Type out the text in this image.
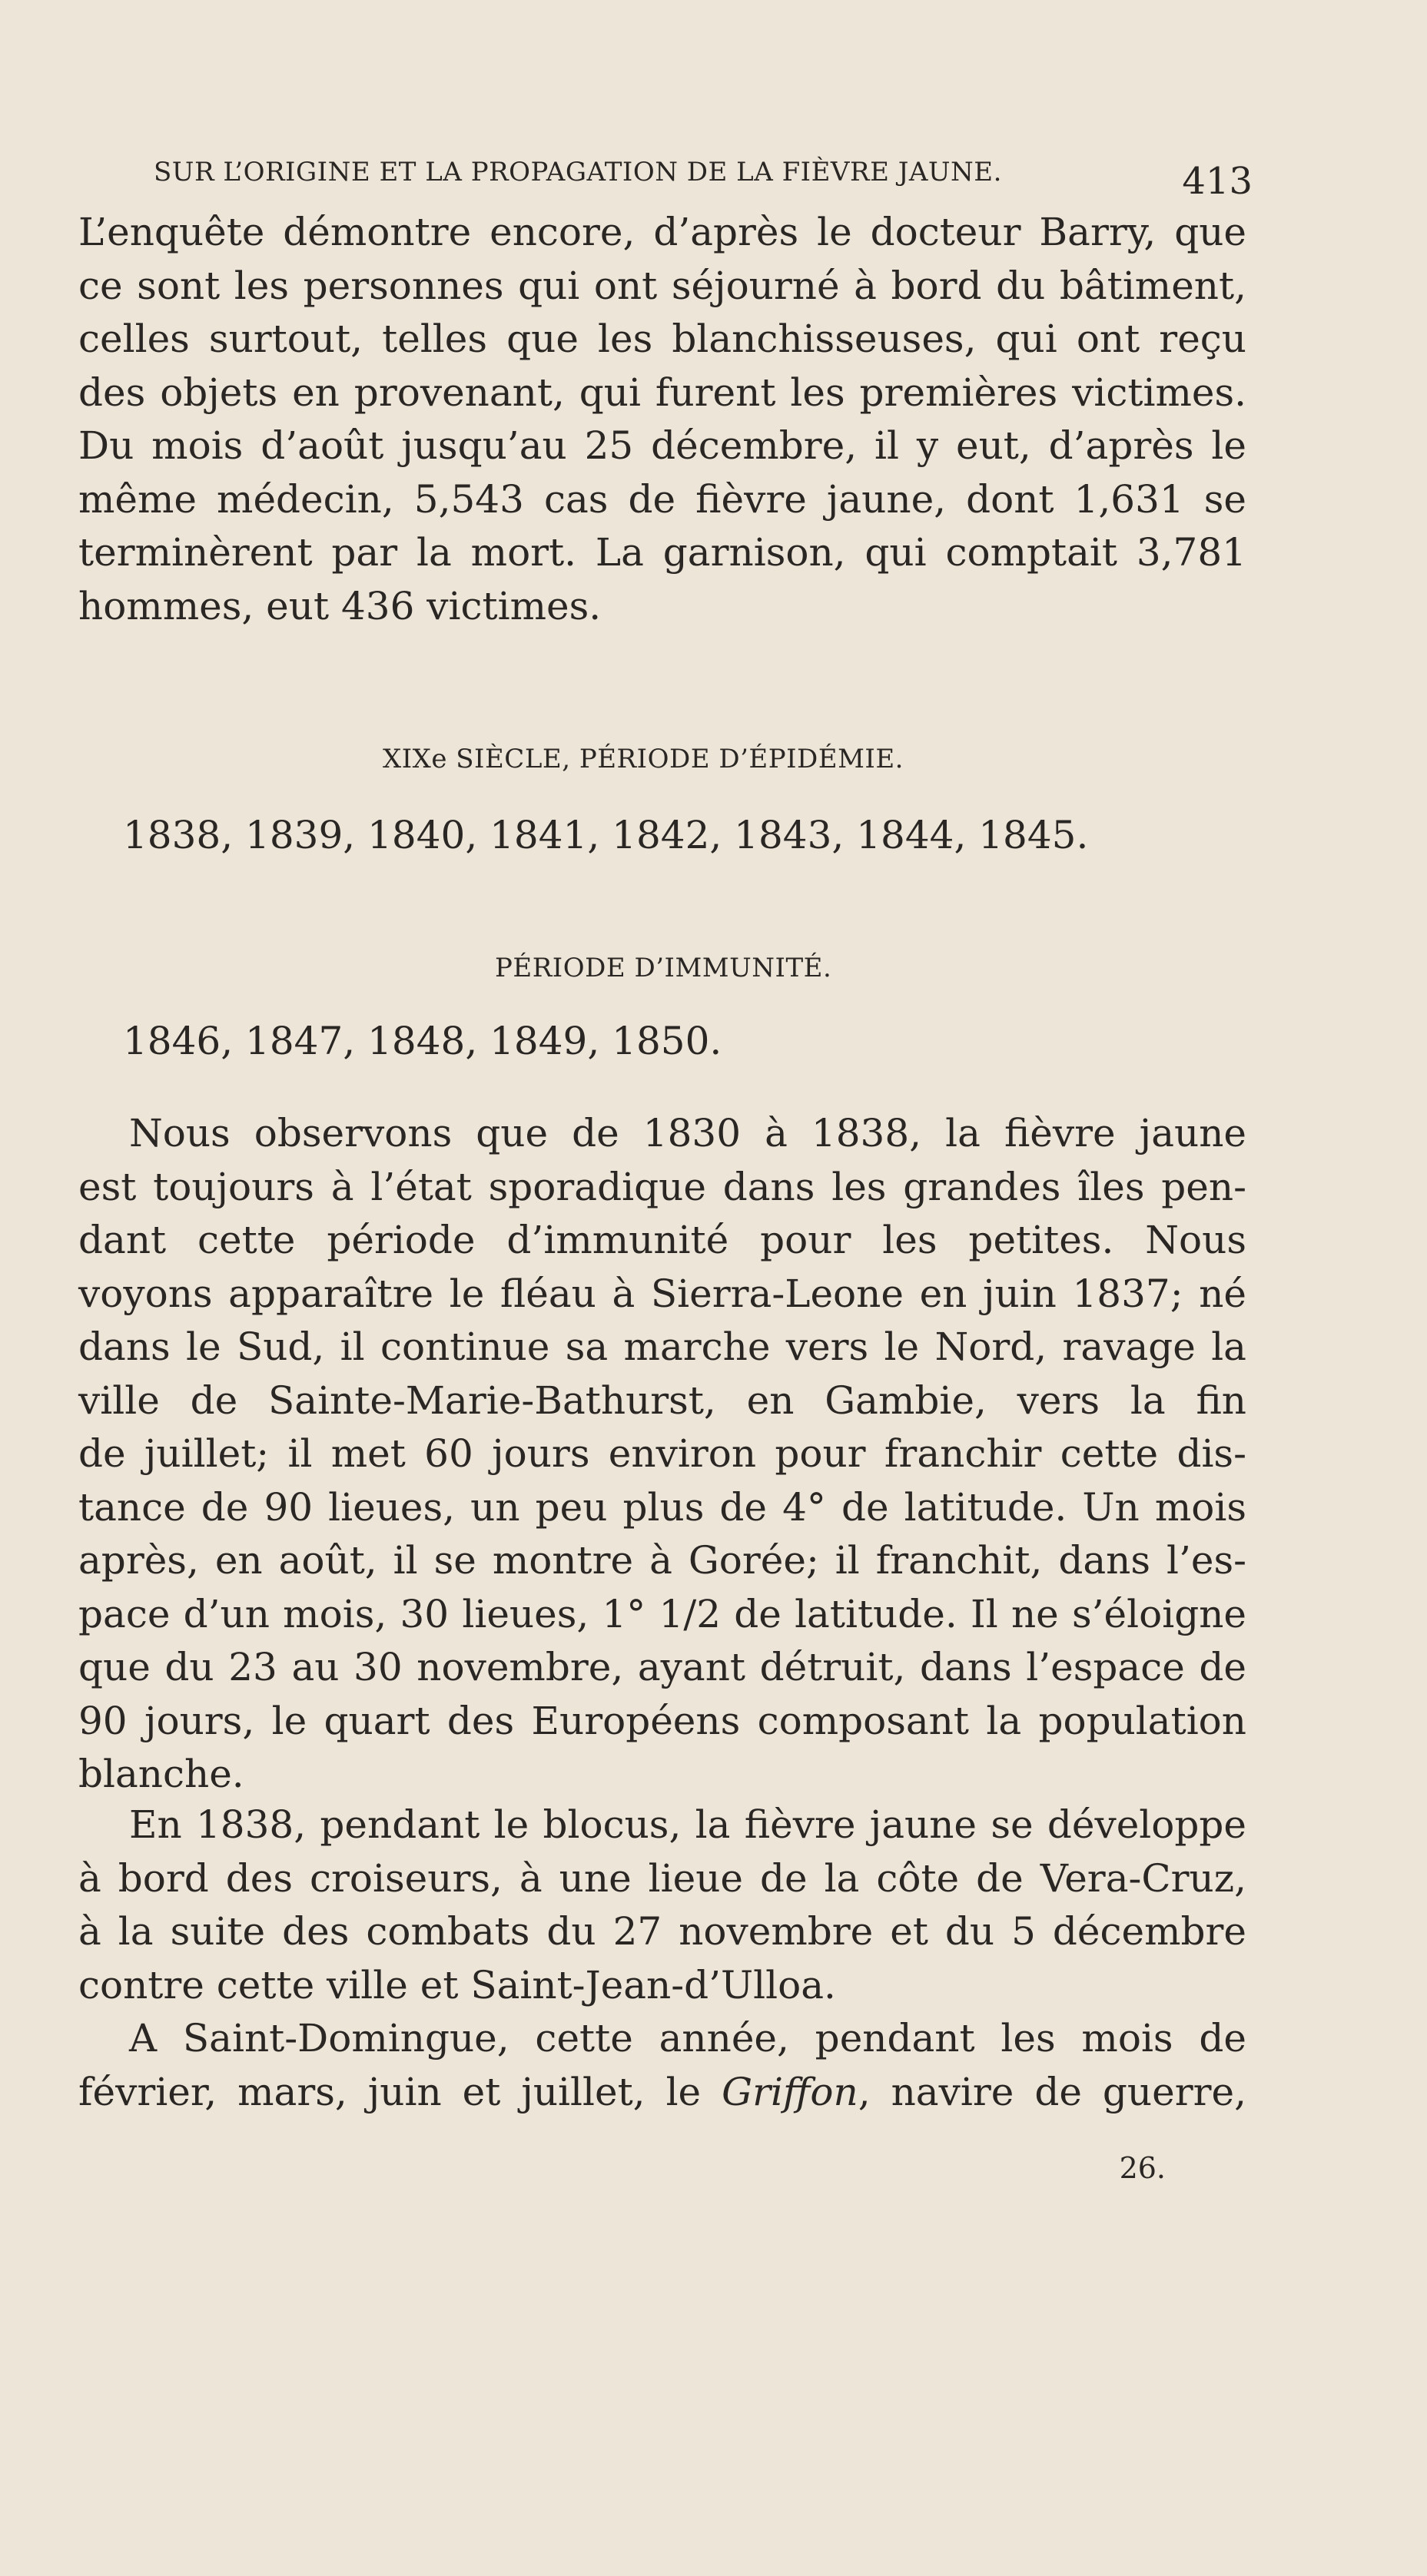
SUR L’ORIGINE ET LA PROPAGATION DE LA FIÈVRE JAUNE.	413
L’enquête démontre encore, d’après le docteur Barry, que
ce sont les personnes qui ont séjourné à bord du bâtiment,
celles surtout, telles que les blanchisseuses, qui ont reçu
des objets en provenant, qui furent les premières victimes.
Du mois d’août jusqu’au 25 décembre, il y eut, d’après le
même médecin, 5,543 cas de fièvre jaune, dont 1,631 se
terminèrent par la mort. La garnison, qui comptait 3,781
hommes, eut 436 victimes.
XIXe SIÈCLE, PÉRIODE D’ÉPIDÉMIE.
1838, 1839, 1840, 1841, 1842, 1843, 1844, 1845.
PÉRIODE D’IMMUNITÉ.
1846, 1847, 1848, 1849, 1850.
Nous observons que de 1830 à 1838, la fièvre jaune
est toujours à l’état sporadique dans les grandes îles pen-
dant cette période d’immunité pour les petites. Nous
voyons apparaître le fléau à Sierra-Leone en juin 1837; né
dans le Sud, il continue sa marche vers le Nord, ravage la
ville de Sainte-Marie-Bathurst, en Gambie, vers la fin
de juillet; il met 60 jours environ pour franchir cette dis-
tance de 90 lieues, un peu plus de 4° de latitude. Un mois
après, en août, il se montre à Gorée; il franchit, dans l’es-
pace d’un mois, 30 lieues, 1° 1/2 de latitude. Il ne s’éloigne
que du 23 au 30 novembre, ayant détruit, dans l’espace de
90 jours, le quart des Européens composant la population
blanche.
En 1838, pendant le blocus, la fièvre jaune se développe
à bord des croiseurs, à une lieue de la côte de Vera-Cruz,
à la suite des combats du 27 novembre et du 5 décembre
contre cette ville et Saint-Jean-d’Ulloa.
A Saint-Domingue, cette année, pendant les mois de
février, mars, juin et juillet, le Griffon, navire de guerre,
26.
